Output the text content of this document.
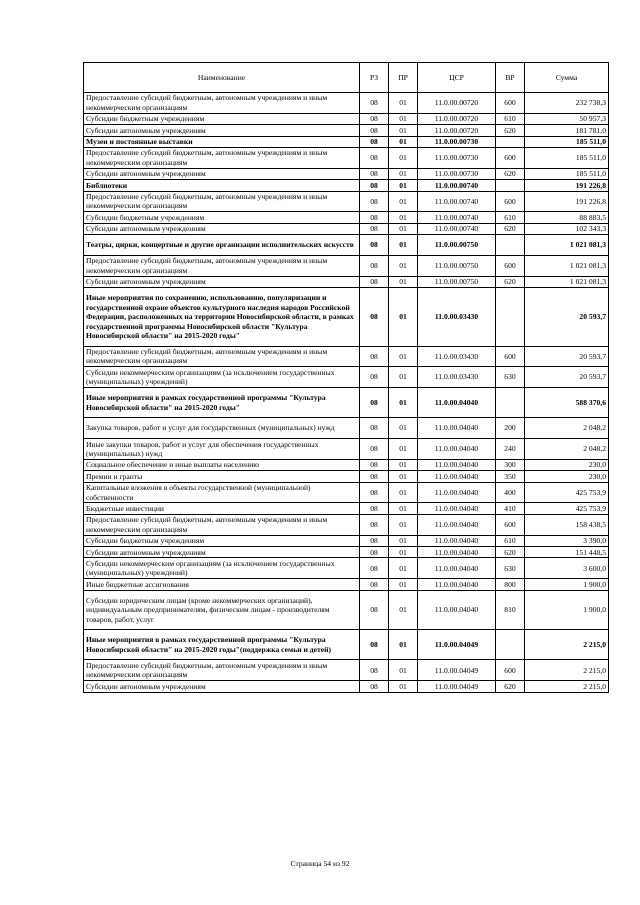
Наименование	РЗ	ПР	ЦСР	ВР	Сумма
Предоставление субсидий бюджетным, автономным учреждениям и иным некоммерческим организациям	08	01	11.0.00.00720	600	232 738,3
Субсидии бюджетным учреждениям	08	01	11.0.00.00720	610	50 957,3
Субсидии автономным учреждениям	08	01	11.0.00.00720	620	181 781,0
Музеи и постоянные выставки	08	01	11.0.00.00730		185 511,0
Предоставление субсидий бюджетным, автономным учреждениям и иным некоммерческим организациям	08	01	11.0.00.00730	600	185 511,0
Субсидии автономным учреждениям	08	01	11.0.00.00730	620	185 511,0
Библиотеки	08	01	11.0.00.00740		191 226,8
Предоставление субсидий бюджетным, автономным учреждениям и иным некоммерческим организациям	08	01	11.0.00.00740	600	191 226,8
Субсидии бюджетным учреждениям	08	01	11.0.00.00740	610	88 883,5
Субсидии автономным учреждениям	08	01	11.0.00.00740	620	102 343,3
Театры, цирки, концертные и другие организации исполнительских искусств	08	01	11.0.00.00750		1 021 081,3
Предоставление субсидий бюджетным, автономным учреждениям и иным некоммерческим организациям	08	01	11.0.00.00750	600	1 021 081,3
Субсидии автономным учреждениям	08	01	11.0.00.00750	620	1 021 081,3
Иные мероприятия по сохранению, использованию, популяризации и государственной охране объектов культурного наследия народов Российской Федерации, расположенных на территории Новосибирской области, в рамках государственной программы Новосибирской области "Культура Новосибирской области" на 2015-2020 годы"	08	01	11.0.00.03430		20 593,7
Предоставление субсидий бюджетным, автономным учреждениям и иным некоммерческим организациям	08	01	11.0.00.03430	600	20 593,7
Субсидии некоммерческим организациям (за исключением государственных (муниципальных) учреждений)	08	01	11.0.00.03430	630	20 593,7
Иные мероприятия в рамках государственной программы "Культура Новосибирской области" на 2015-2020 годы"	08	01	11.0.00.04040		588 370,6
Закупка товаров, работ и услуг для государственных (муниципальных) нужд	08	01	11.0.00.04040	200	2 048,2
Иные закупки товаров, работ и услуг для обеспечения государственных (муниципальных) нужд	08	01	11.0.00.04040	240	2 048,2
Социальное обеспечение и иные выплаты населению	08	01	11.0.00.04040	300	230,0
Премии и гранты	08	01	11.0.00.04040	350	230,0
Капитальные вложения в объекты государственной (муниципальной) собственности	08	01	11.0.00.04040	400	425 753,9
Бюджетные инвестиции	08	01	11.0.00.04040	410	425 753,9
Предоставление субсидий бюджетным, автономным учреждениям и иным некоммерческим организациям	08	01	11.0.00.04040	600	158 438,5
Субсидии бюджетным учреждениям	08	01	11.0.00.04040	610	3 390,0
Субсидии автономным учреждениям	08	01	11.0.00.04040	620	151 448,5
Субсидии некоммерческим организациям (за исключением государственных (муниципальных) учреждений)	08	01	11.0.00.04040	630	3 600,0
Иные бюджетные ассигнования	08	01	11.0.00.04040	800	1 900,0
Субсидии юридическим лицам (кроме некоммерческих организаций), индивидуальным предпринимателям, физическим лицам - производителям товаров, работ, услуг	08	01	11.0.00.04040	810	1 900,0
Иные мероприятия в рамках государственной программы "Культура Новосибирской области" на 2015-2020 годы"(поддержка семьи и детей)	08	01	11.0.00.04049		2 215,0
Предоставление субсидий бюджетным, автономным учреждениям и иным некоммерческим организациям	08	01	11.0.00.04049	600	2 215,0
Субсидии автономным учреждениям	08	01	11.0.00.04049	620	2 215,0
Страница 54 из 92
